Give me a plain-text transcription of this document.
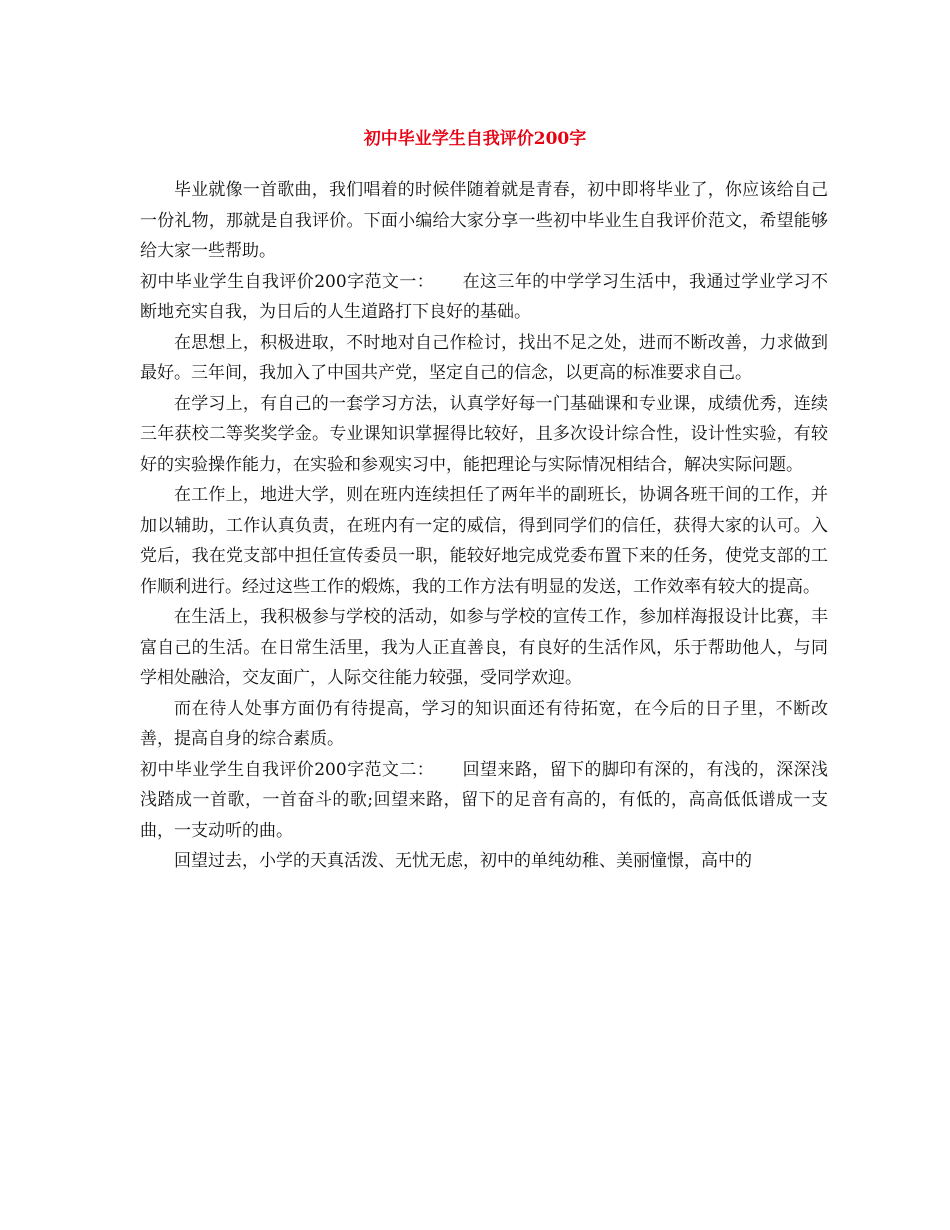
初中毕业学生自我评价200字

毕业就像一首歌曲，我们唱着的时候伴随着就是青春，初中即将毕业了，你应该给自己一份礼物，那就是自我评价。下面小编给大家分享一些初中毕业生自我评价范文，希望能够给大家一些帮助。

初中毕业学生自我评价200字范文一： 在这三年的中学学习生活中，我通过学业学习不断地充实自我，为日后的人生道路打下良好的基础。

在思想上，积极进取，不时地对自己作检讨，找出不足之处，进而不断改善，力求做到最好。三年间，我加入了中国共产党，坚定自己的信念，以更高的标准要求自己。

在学习上，有自己的一套学习方法，认真学好每一门基础课和专业课，成绩优秀，连续三年获校二等奖奖学金。专业课知识掌握得比较好，且多次设计综合性，设计性实验，有较好的实验操作能力，在实验和参观实习中，能把理论与实际情况相结合，解决实际问题。

在工作上，地进大学，则在班内连续担任了两年半的副班长，协调各班干间的工作，并加以辅助，工作认真负责，在班内有一定的威信，得到同学们的信任，获得大家的认可。入党后，我在党支部中担任宣传委员一职，能较好地完成党委布置下来的任务，使党支部的工作顺利进行。经过这些工作的煅炼，我的工作方法有明显的发送，工作效率有较大的提高。

在生活上，我积极参与学校的活动，如参与学校的宣传工作，参加样海报设计比赛，丰富自己的生活。在日常生活里，我为人正直善良，有良好的生活作风，乐于帮助他人，与同学相处融洽，交友面广，人际交往能力较强，受同学欢迎。

而在待人处事方面仍有待提高，学习的知识面还有待拓宽，在今后的日子里，不断改善，提高自身的综合素质。

初中毕业学生自我评价200字范文二： 回望来路，留下的脚印有深的，有浅的，深深浅浅踏成一首歌，一首奋斗的歌;回望来路，留下的足音有高的，有低的，高高低低谱成一支曲，一支动听的曲。

回望过去，小学的天真活泼、无忧无虑，初中的单纯幼稚、美丽憧憬，高中的
